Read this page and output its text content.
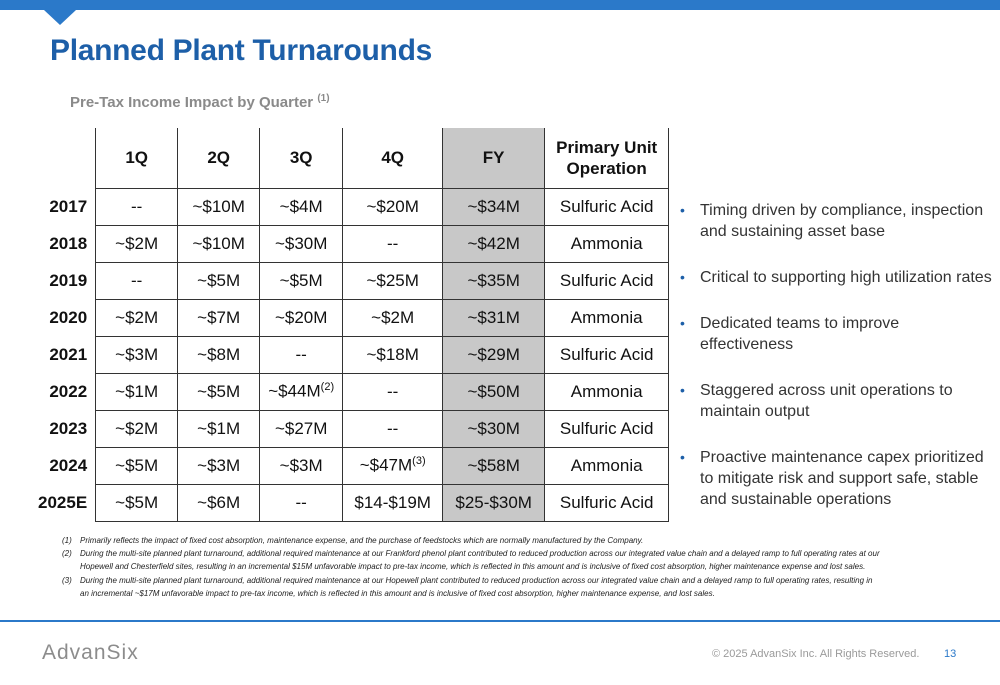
Planned Plant Turnarounds
Pre-Tax Income Impact by Quarter $^{(1)}$
	1Q	2Q	3Q	4Q	FY	Primary Unit
Operation
2017	--	~$10M	~$4M	~$20M	~$34M	Sulfuric Acid
2018	~$2M	~$10M	~$30M	--	~$42M	Ammonia
2019	--	~$5M	~$5M	~$25M	~$35M	Sulfuric Acid
2020	~$2M	~$7M	~$20M	~$2M	~$31M	Ammonia
2021	~$3M	~$8M	--	~$18M	~$29M	Sulfuric Acid
2022	~$1M	~$5M	$\sim\$44M^{(2)}$	--	~$50M	Ammonia
2023	~$2M	~$1M	~$27M	--	~$30M	Sulfuric Acid
2024	~$5M	~$3M	~$3M	$\sim\$47M^{(3)}$	~$58M	Ammonia
2025E	~$5M	~$6M	--	$14-$19M	$25-$30M	Sulfuric Acid
• Timing driven by compliance, inspection and sustaining asset base
• Critical to supporting high utilization rates
• Dedicated teams to improve effectiveness
• Staggered across unit operations to maintain output
• Proactive maintenance capex prioritized to mitigate risk and support safe, stable and sustainable operations
(1) Primarily reflects the impact of fixed cost absorption, maintenance expense, and the purchase of feedstocks which are normally manufactured by the Company.
(2) During the multi-site planned plant turnaround, additional required maintenance at our Frankford phenol plant contributed to reduced production across our integrated value chain and a delayed ramp to full operating rates at our Hopewell and Chesterfield sites, resulting in an incremental $15M unfavorable impact to pre-tax income, which is reflected in this amount and is inclusive of fixed cost absorption, higher maintenance expense and lost sales.
(3) During the multi-site planned plant turnaround, additional required maintenance at our Hopewell plant contributed to reduced production across our integrated value chain and a delayed ramp to full operating rates, resulting in an incremental ~$17M unfavorable impact to pre-tax income, which is reflected in this amount and is inclusive of fixed cost absorption, higher maintenance expense, and lost sales.
AdvanSix	© 2025 AdvanSix Inc. All Rights Reserved. 13
